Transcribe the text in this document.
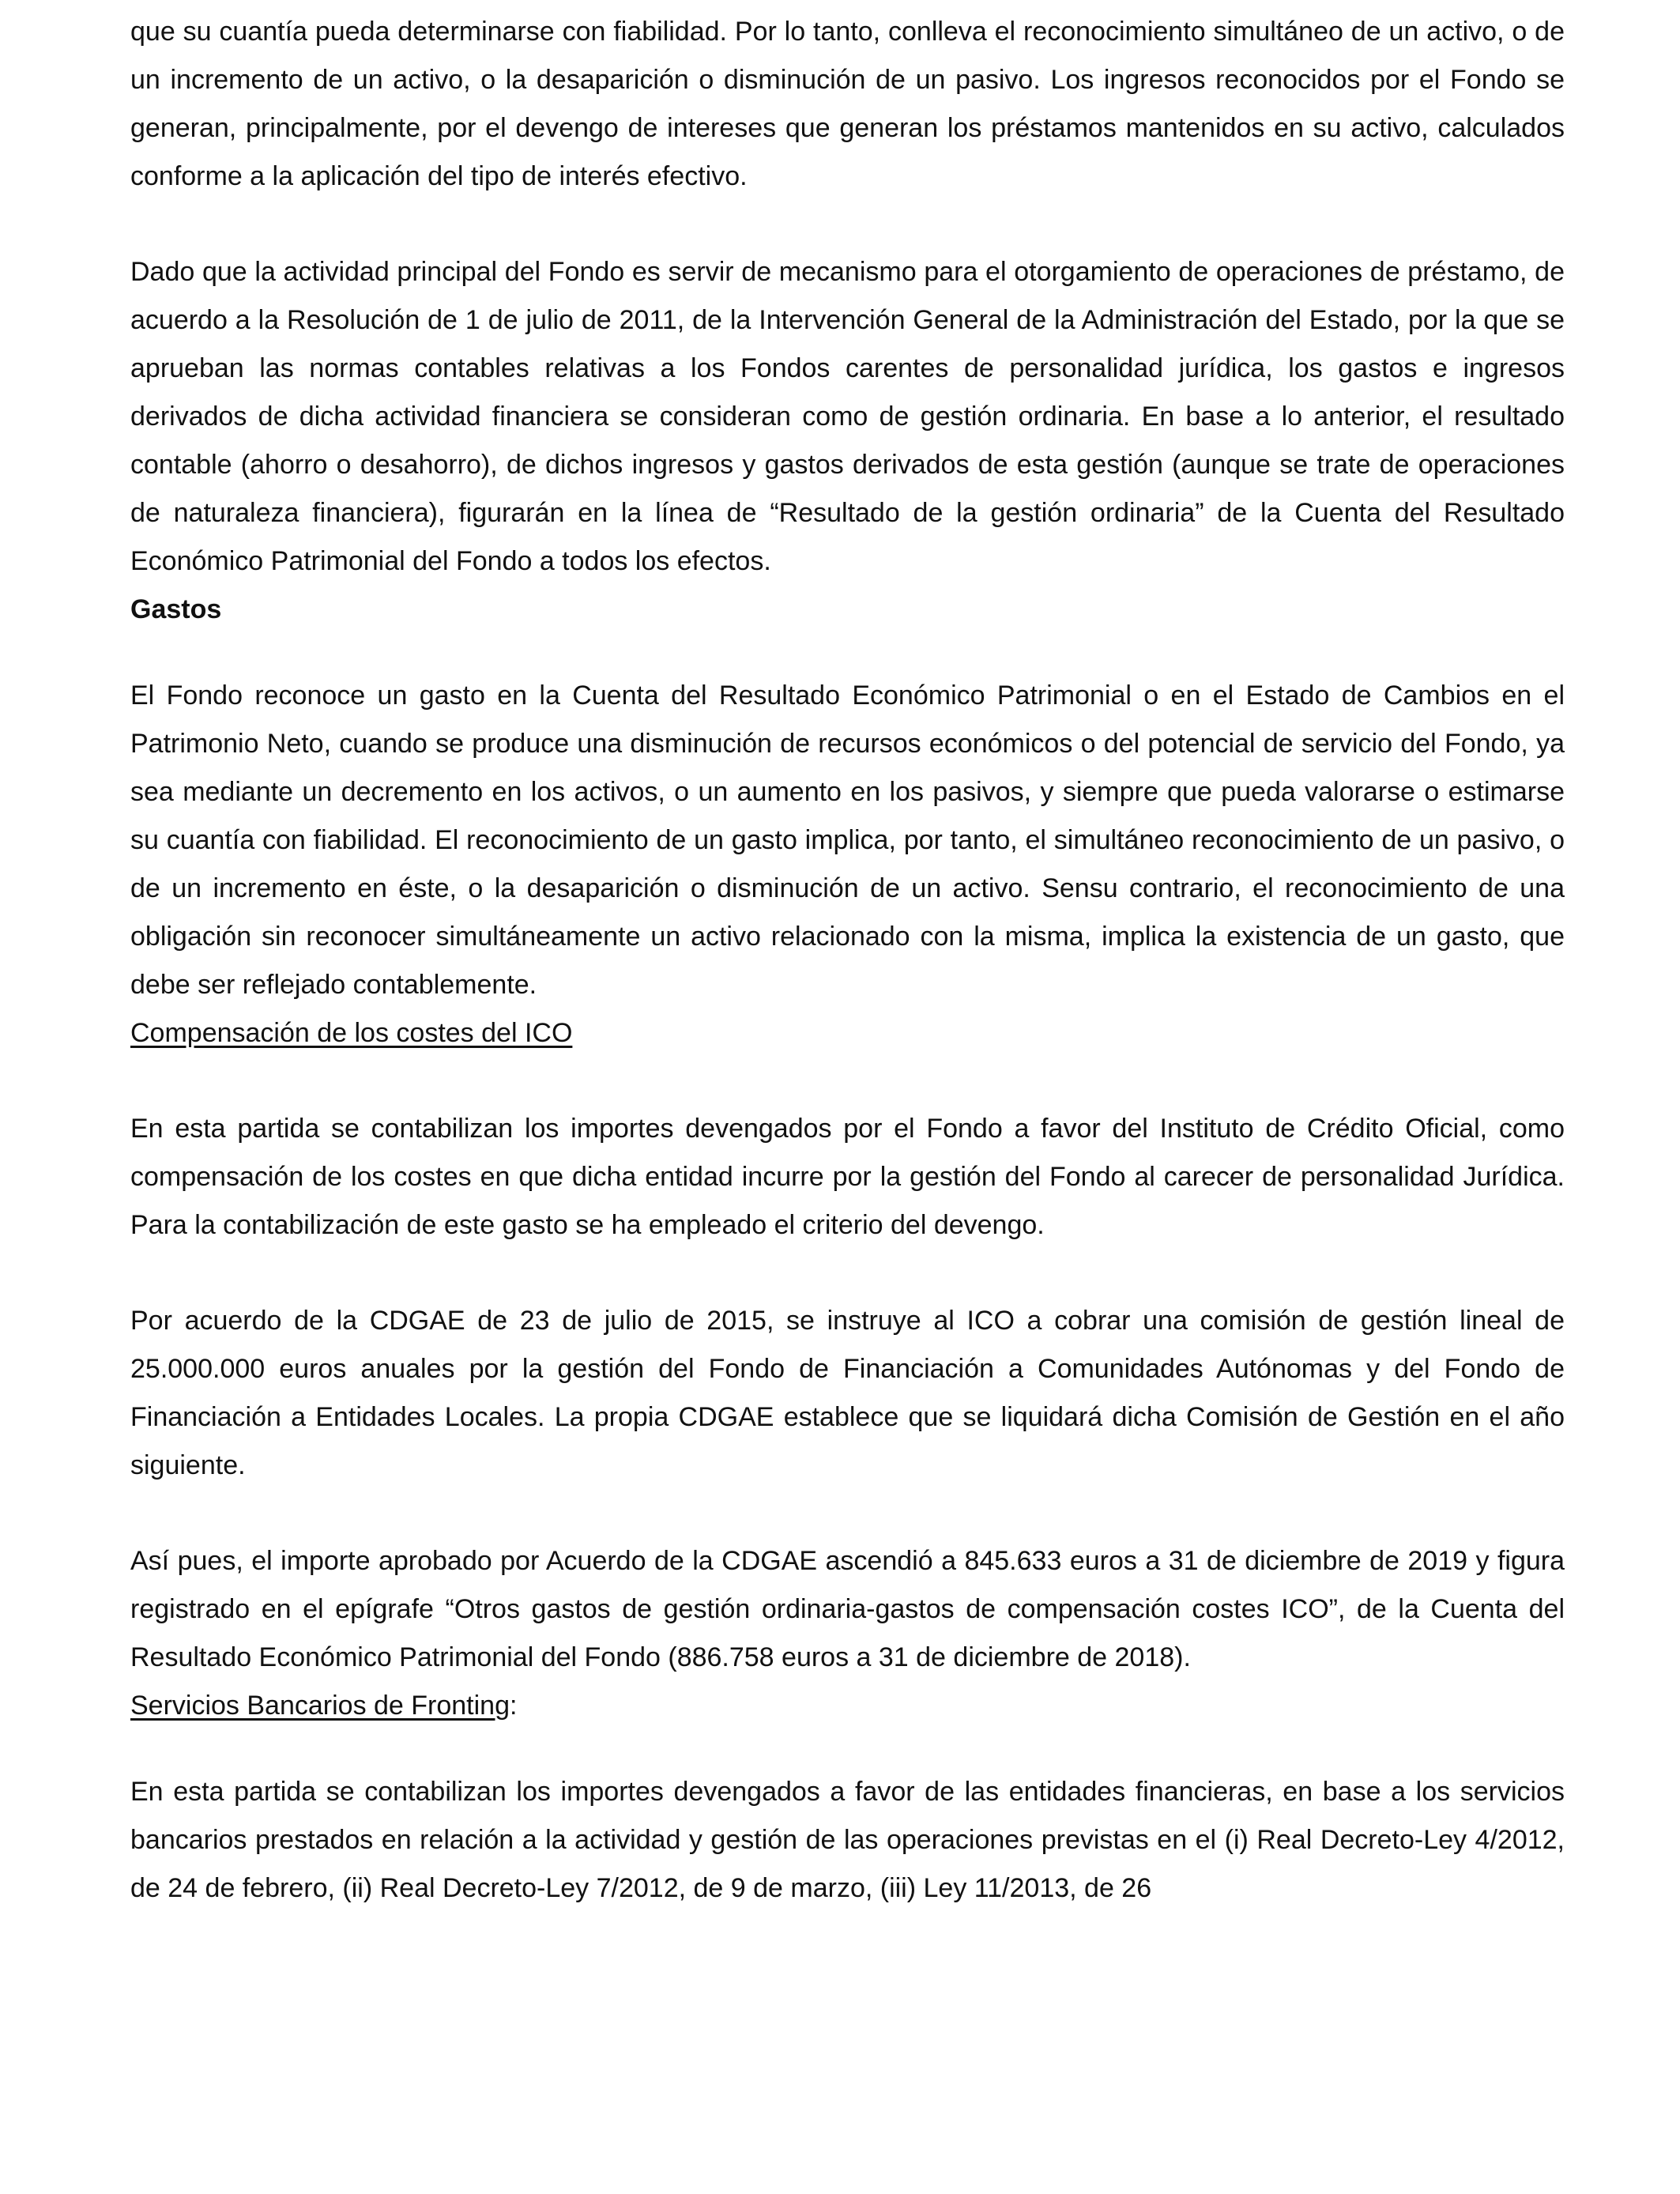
que su cuantía pueda determinarse con fiabilidad. Por lo tanto, conlleva el reconocimiento simultáneo de un activo, o de un incremento de un activo, o la desaparición o disminución de un pasivo. Los ingresos reconocidos por el Fondo se generan, principalmente, por el devengo de intereses que generan los préstamos mantenidos en su activo, calculados conforme a la aplicación del tipo de interés efectivo.

Dado que la actividad principal del Fondo es servir de mecanismo para el otorgamiento de operaciones de préstamo, de acuerdo a la Resolución de 1 de julio de 2011, de la Intervención General de la Administración del Estado, por la que se aprueban las normas contables relativas a los Fondos carentes de personalidad jurídica, los gastos e ingresos derivados de dicha actividad financiera se consideran como de gestión ordinaria. En base a lo anterior, el resultado contable (ahorro o desahorro), de dichos ingresos y gastos derivados de esta gestión (aunque se trate de operaciones de naturaleza financiera), figurarán en la línea de “Resultado de la gestión ordinaria” de la Cuenta del Resultado Económico Patrimonial del Fondo a todos los efectos.

Gastos

El Fondo reconoce un gasto en la Cuenta del Resultado Económico Patrimonial o en el Estado de Cambios en el Patrimonio Neto, cuando se produce una disminución de recursos económicos o del potencial de servicio del Fondo, ya sea mediante un decremento en los activos, o un aumento en los pasivos, y siempre que pueda valorarse o estimarse su cuantía con fiabilidad. El reconocimiento de un gasto implica, por tanto, el simultáneo reconocimiento de un pasivo, o de un incremento en éste, o la desaparición o disminución de un activo. Sensu contrario, el reconocimiento de una obligación sin reconocer simultáneamente un activo relacionado con la misma, implica la existencia de un gasto, que debe ser reflejado contablemente.

Compensación de los costes del ICO

En esta partida se contabilizan los importes devengados por el Fondo a favor del Instituto de Crédito Oficial, como compensación de los costes en que dicha entidad incurre por la gestión del Fondo al carecer de personalidad Jurídica. Para la contabilización de este gasto se ha empleado el criterio del devengo.

Por acuerdo de la CDGAE de 23 de julio de 2015, se instruye al ICO a cobrar una comisión de gestión lineal de 25.000.000 euros anuales por la gestión del Fondo de Financiación a Comunidades Autónomas y del Fondo de Financiación a Entidades Locales. La propia CDGAE establece que se liquidará dicha Comisión de Gestión en el año siguiente.

Así pues, el importe aprobado por Acuerdo de la CDGAE ascendió a 845.633 euros a 31 de diciembre de 2019 y figura registrado en el epígrafe “Otros gastos de gestión ordinaria-gastos de compensación costes ICO”, de la Cuenta del Resultado Económico Patrimonial del Fondo (886.758 euros a 31 de diciembre de 2018).

Servicios Bancarios de Fronting:

En esta partida se contabilizan los importes devengados a favor de las entidades financieras, en base a los servicios bancarios prestados en relación a la actividad y gestión de las operaciones previstas en el (i) Real Decreto-Ley 4/2012, de 24 de febrero, (ii) Real Decreto-Ley 7/2012, de 9 de marzo, (iii) Ley 11/2013, de 26
